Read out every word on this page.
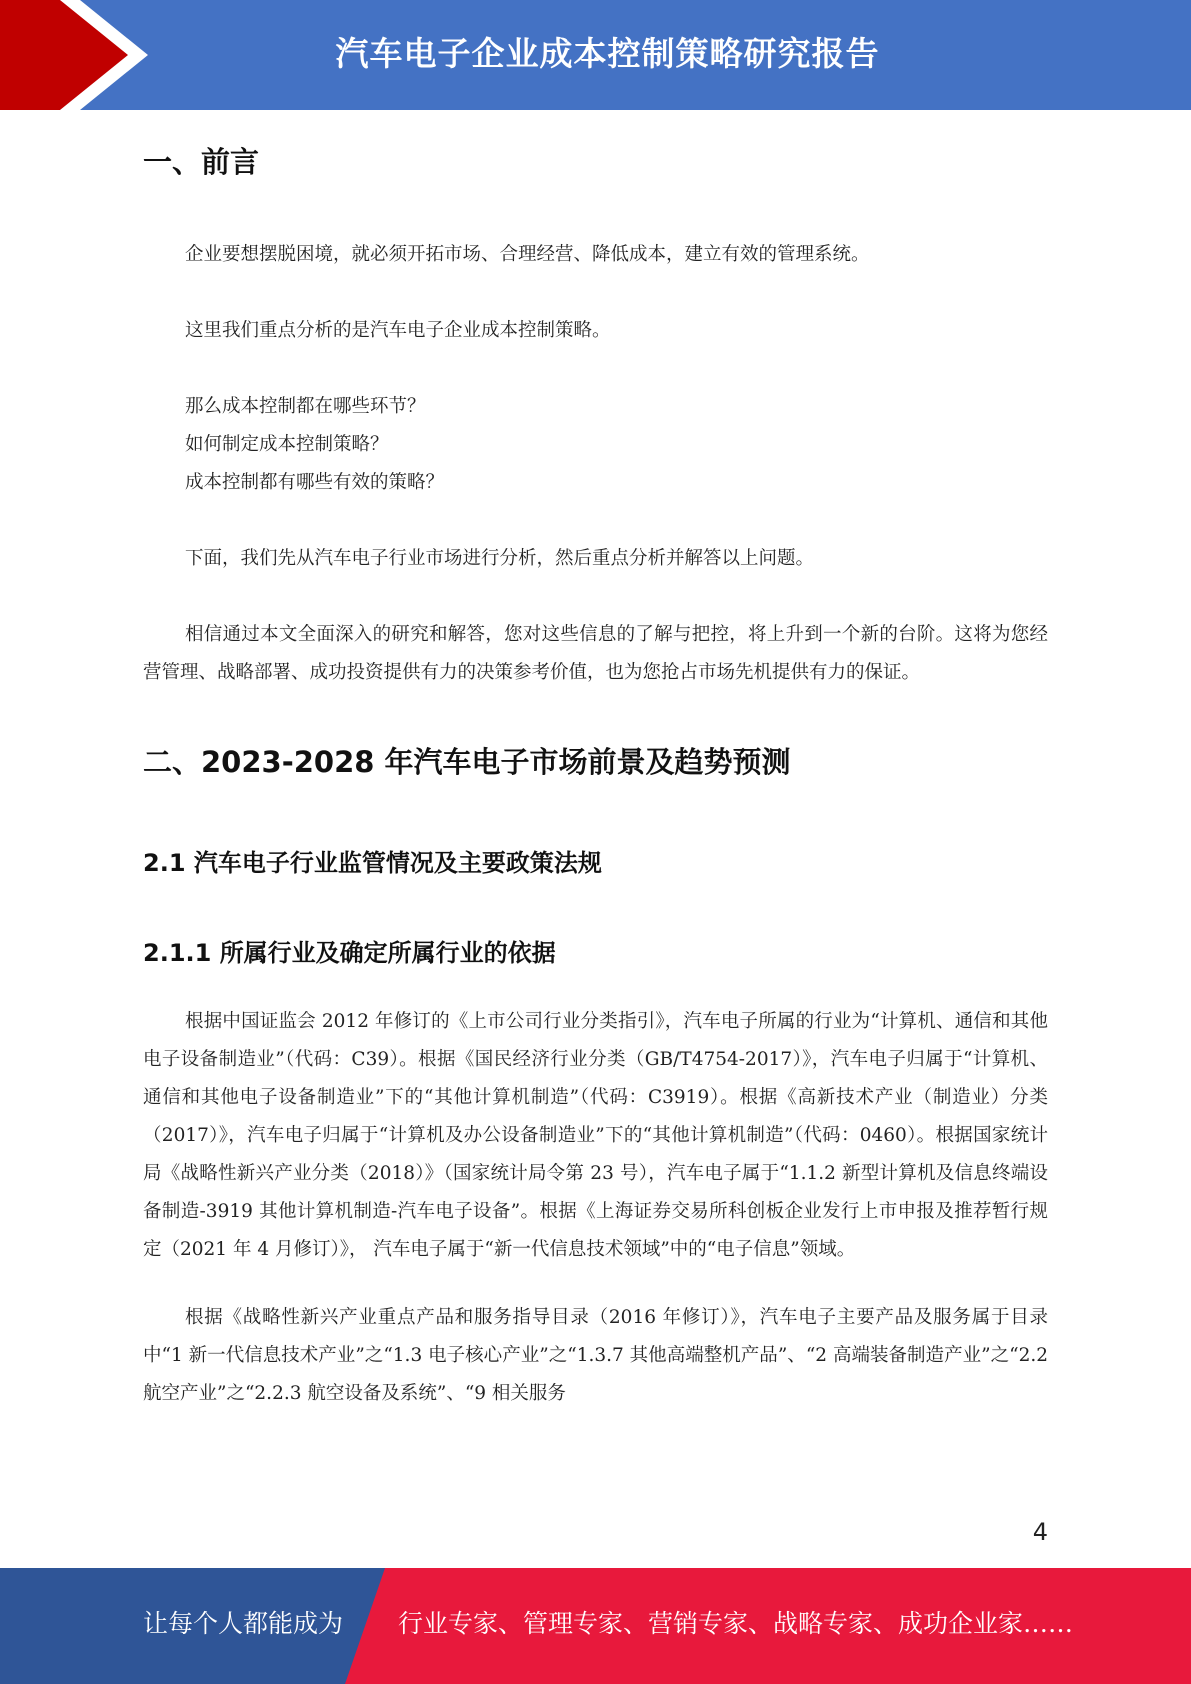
汽车电子企业成本控制策略研究报告
一、前言

企业要想摆脱困境，就必须开拓市场、合理经营、降低成本，建立有效的管理系统。

这里我们重点分析的是汽车电子企业成本控制策略。

那么成本控制都在哪些环节？

如何制定成本控制策略？

成本控制都有哪些有效的策略？

下面，我们先从汽车电子行业市场进行分析，然后重点分析并解答以上问题。

相信通过本文全面深入的研究和解答，您对这些信息的了解与把控，将上升到一个新的台阶。这将为您经营管理、战略部署、成功投资提供有力的决策参考价值，也为您抢占市场先机提供有力的保证。

二、2023-2028 年汽车电子市场前景及趋势预测
2.1 汽车电子行业监管情况及主要政策法规
2.1.1 所属行业及确定所属行业的依据

根据中国证监会 2012 年修订的《上市公司行业分类指引》，汽车电子所属的行业为“计算机、通信和其他电子设备制造业”（代码：C39）。根据《国民经济行业分类（GB/T4754-2017）》，汽车电子归属于“计算机、通信和其他电子设备制造业”下的“其他计算机制造”（代码：C3919）。根据《高新技术产业（制造业）分类（2017）》，汽车电子归属于“计算机及办公设备制造业”下的“其他计算机制造”（代码：0460）。根据国家统计局《战略性新兴产业分类（2018）》（国家统计局令第 23 号），汽车电子属于“1.1.2 新型计算机及信息终端设备制造-3919 其他计算机制造-汽车电子设备”。根据《上海证券交易所科创板企业发行上市申报及推荐暂行规定（2021 年 4 月修订）》， 汽车电子属于“新一代信息技术领域”中的“电子信息”领域。

根据《战略性新兴产业重点产品和服务指导目录（2016 年修订）》，汽车电子主要产品及服务属于目录中“1 新一代信息技术产业”之“1.3 电子核心产业”之“1.3.7 其他高端整机产品”、“2 高端装备制造产业”之“2.2 航空产业”之“2.2.3 航空设备及系统”、“9 相关服务

4
让每个人都能成为 行业专家、管理专家、营销专家、战略专家、成功企业家……
